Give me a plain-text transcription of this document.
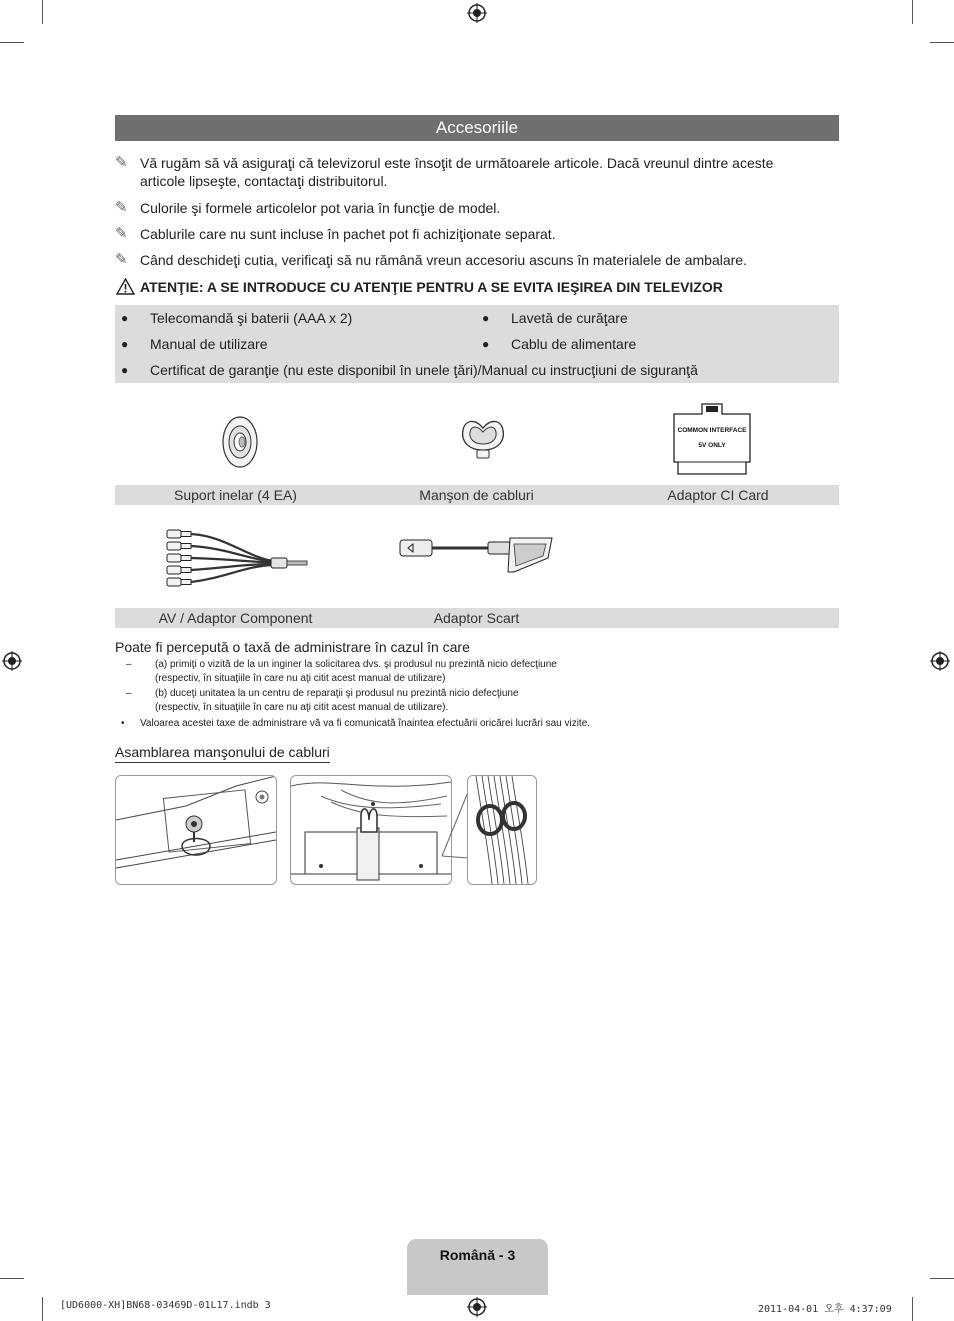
Accesoriile
✎ Vă rugăm să vă asiguraţi că televizorul este însoţit de următoarele articole. Dacă vreunul dintre aceste
articole lipseşte, contactaţi distribuitorul.
✎ Culorile şi formele articolelor pot varia în funcţie de model.
✎ Cablurile care nu sunt incluse în pachet pot fi achiziţionate separat.
✎ Când deschideţi cutia, verificaţi să nu rămână vreun accesoriu ascuns în materialele de ambalare.
ATENŢIE: A SE INTRODUCE CU ATENŢIE PENTRU A SE EVITA IEŞIREA DIN TELEVIZOR
●	Telecomandă şi baterii (AAA x 2)
●	Manual de utilizare
●	Lavetă de curăţare
●	Cablu de alimentare
●	Certificat de garanţie (nu este disponibil în unele ţări)/Manual cu instrucţiuni de siguranţă
COMMON INTERFACE
5V ONLY
Suport inelar (4 EA)	Manşon de cabluri	Adaptor CI Card
AV / Adaptor Component	Adaptor Scart
Poate fi percepută o taxă de administrare în cazul în care
– (a) primiţi o vizită de la un inginer la solicitarea dvs. şi produsul nu prezintă nicio defecţiune
(respectiv, în situaţiile în care nu aţi citit acest manual de utilizare)
– (b) duceţi unitatea la un centru de reparaţii şi produsul nu prezintă nicio defecţiune
(respectiv, în situaţiile în care nu aţi citit acest manual de utilizare).
• Valoarea acestei taxe de administrare vă va fi comunicată înaintea efectuării oricărei lucrări sau vizite.
Asamblarea manşonului de cabluri
Română - 3
[UD6000-XH]BN68-03469D-01L17.indb 3	2011-04-01 오후 4:37:09
